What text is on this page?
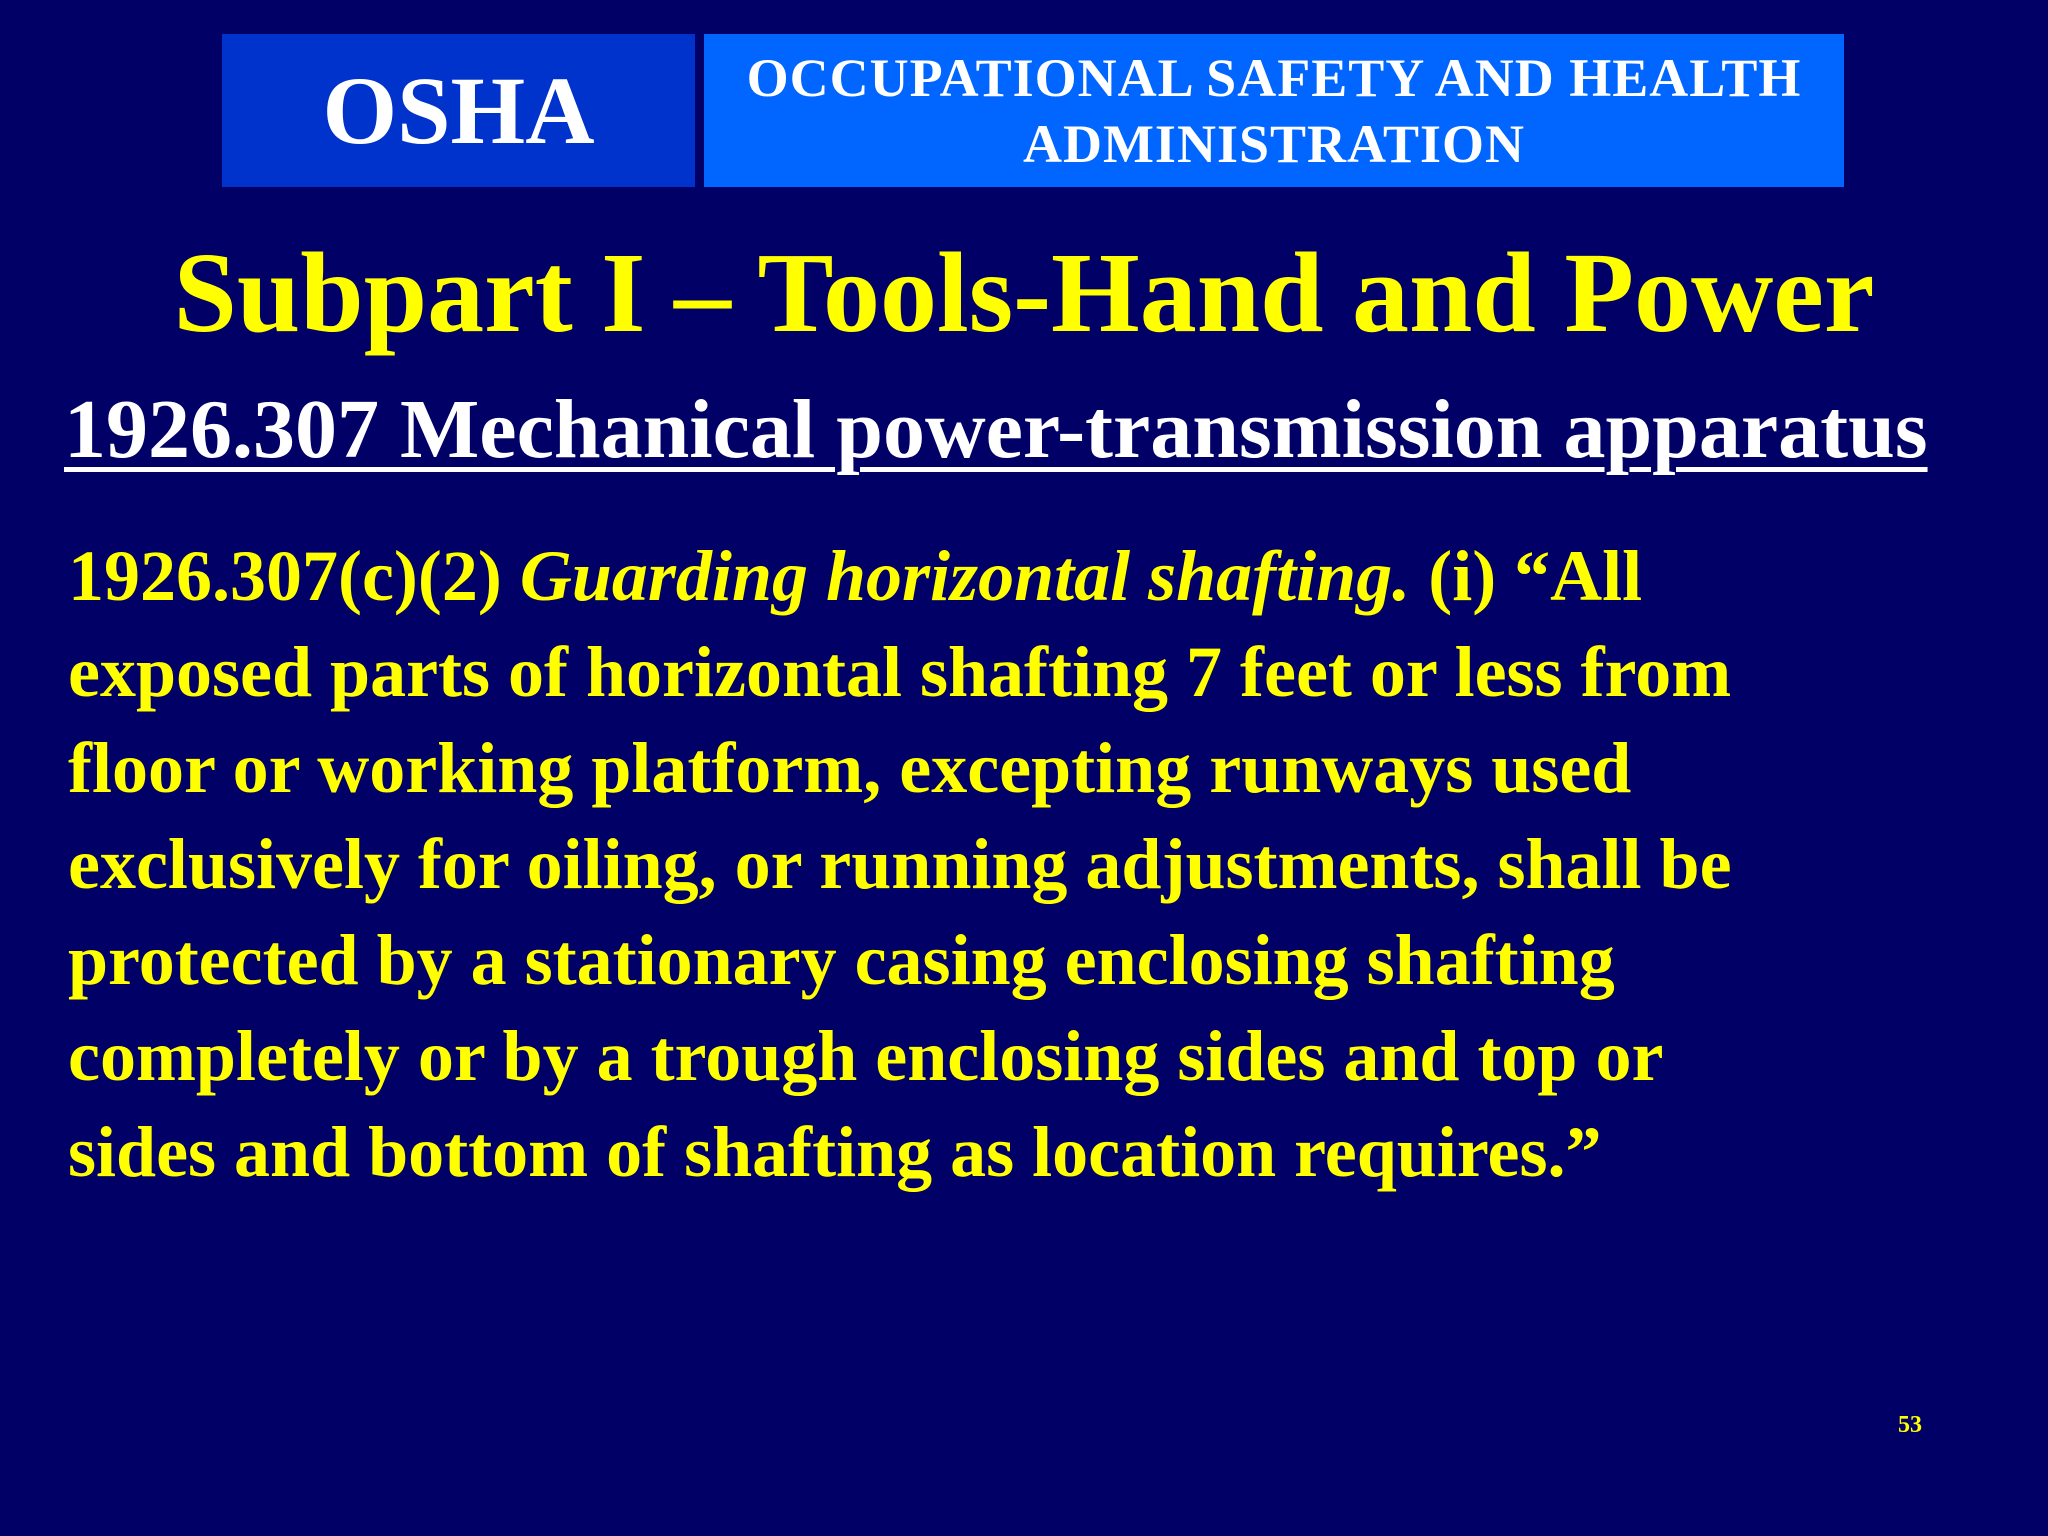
OSHA	OCCUPATIONAL SAFETY AND HEALTH
ADMINISTRATION
Subpart I – Tools-Hand and Power
1926.307 Mechanical power-transmission apparatus
1926.307(c)(2) Guarding horizontal shafting. (i) “All
exposed parts of horizontal shafting 7 feet or less from
floor or working platform, excepting runways used
exclusively for oiling, or running adjustments, shall be
protected by a stationary casing enclosing shafting
completely or by a trough enclosing sides and top or
sides and bottom of shafting as location requires.”
53
